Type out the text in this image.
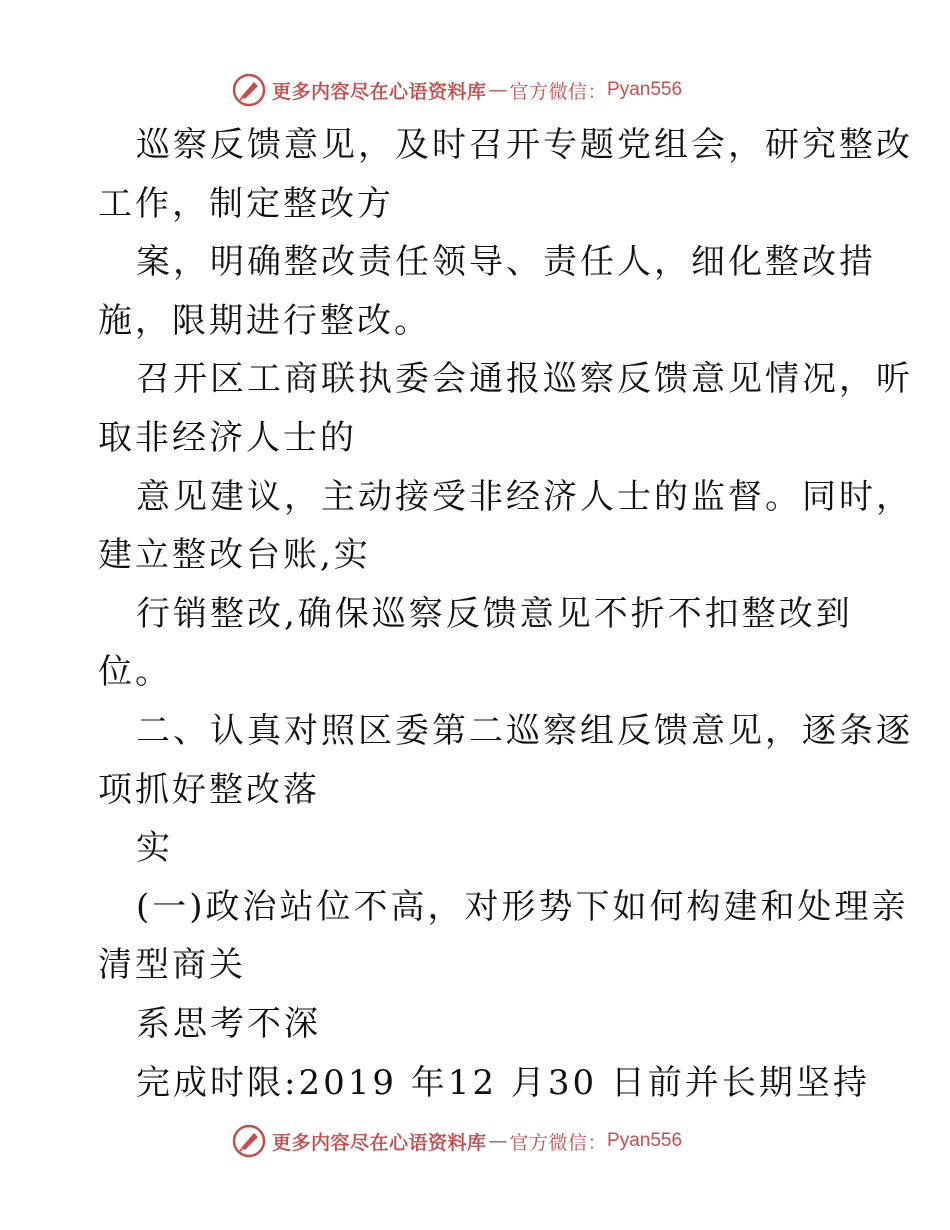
更多内容尽在心语资料库 — 官方微信： Pyan556
巡察反馈意见，及时召开专题党组会，研究整改
工作，制定整改方
案，明确整改责任领导、责任人，细化整改措
施，限期进行整改。
召开区工商联执委会通报巡察反馈意见情况，听
取非经济人士的
意见建议，主动接受非经济人士的监督。同时，
建立整改台账,实
行销整改,确保巡察反馈意见不折不扣整改到
位。
二、认真对照区委第二巡察组反馈意见，逐条逐
项抓好整改落
实
(一)政治站位不高，对形势下如何构建和处理亲
清型商关
系思考不深
完成时限:2019 年12 月30 日前并长期坚持
更多内容尽在心语资料库 — 官方微信： Pyan556
